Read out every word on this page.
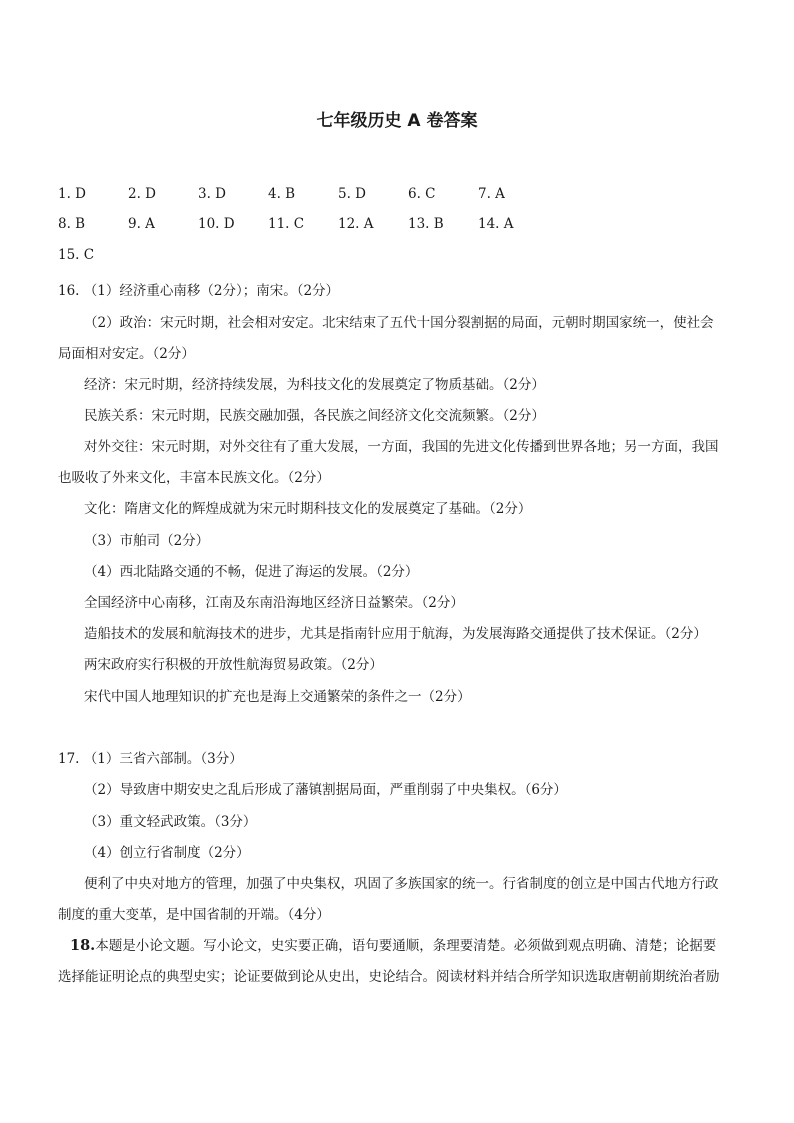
七年级历史 A 卷答案
1. D	2. D	3. D	4. B	5. D	6. C	7. A
8. B	9. A	10. D 11. C	12. A	13. B	14. A
15. C
16. （1）经济重心南移（2分）；南宋。（2分）
（2）政治：宋元时期，社会相对安定。北宋结束了五代十国分裂割据的局面，元朝时期国家统一，使社会
局面相对安定。（2分）
经济：宋元时期，经济持续发展，为科技文化的发展奠定了物质基础。（2分）
民族关系：宋元时期，民族交融加强，各民族之间经济文化交流频繁。（2分）
对外交往：宋元时期，对外交往有了重大发展，一方面，我国的先进文化传播到世界各地；另一方面，我国
也吸收了外来文化，丰富本民族文化。（2分）
文化：隋唐文化的辉煌成就为宋元时期科技文化的发展奠定了基础。（2分）
（3）市舶司（2分）
（4）西北陆路交通的不畅，促进了海运的发展。（2分）
全国经济中心南移，江南及东南沿海地区经济日益繁荣。（2分）
造船技术的发展和航海技术的进步，尤其是指南针应用于航海，为发展海路交通提供了技术保证。（2分）
两宋政府实行积极的开放性航海贸易政策。（2分）
宋代中国人地理知识的扩充也是海上交通繁荣的条件之一（2分）
17. （1）三省六部制。（3分）
（2）导致唐中期安史之乱后形成了藩镇割据局面，严重削弱了中央集权。（6分）
（3）重文轻武政策。（3分）
（4）创立行省制度（2分）
便利了中央对地方的管理，加强了中央集权，巩固了多族国家的统一。行省制度的创立是中国古代地方行政
制度的重大变革，是中国省制的开端。（4分）
18.本题是小论文题。写小论文，史实要正确，语句要通顺，条理要清楚。必须做到观点明确、清楚；论据要
选择能证明论点的典型史实；论证要做到论从史出，史论结合。阅读材料并结合所学知识选取唐朝前期统治者励
